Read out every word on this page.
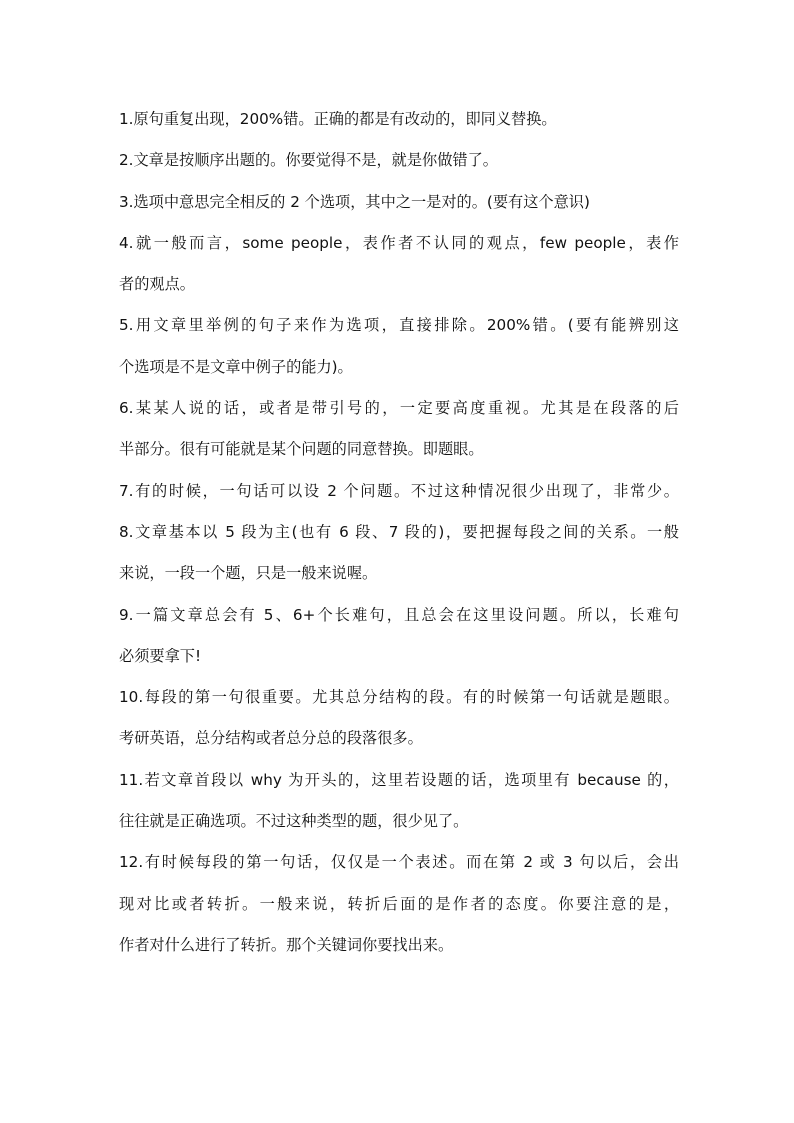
1.原句重复出现，200%错。正确的都是有改动的，即同义替换。
2.文章是按顺序出题的。你要觉得不是，就是你做错了。
3.选项中意思完全相反的 2 个选项，其中之一是对的。(要有这个意识)
4.就一般而言，some people，表作者不认同的观点，few people，表作
者的观点。
5.用文章里举例的句子来作为选项，直接排除。200%错。(要有能辨别这
个选项是不是文章中例子的能力)。
6.某某人说的话，或者是带引号的，一定要高度重视。尤其是在段落的后
半部分。很有可能就是某个问题的同意替换。即题眼。
7.有的时候，一句话可以设 2 个问题。不过这种情况很少出现了，非常少。
8.文章基本以 5 段为主(也有 6 段、7 段的)，要把握每段之间的关系。一般
来说，一段一个题，只是一般来说喔。
9.一篇文章总会有 5、6+个长难句，且总会在这里设问题。所以，长难句
必须要拿下!
10.每段的第一句很重要。尤其总分结构的段。有的时候第一句话就是题眼。
考研英语，总分结构或者总分总的段落很多。
11.若文章首段以 why 为开头的，这里若设题的话，选项里有 because 的，
往往就是正确选项。不过这种类型的题，很少见了。
12.有时候每段的第一句话，仅仅是一个表述。而在第 2 或 3 句以后，会出
现对比或者转折。一般来说，转折后面的是作者的态度。你要注意的是，
作者对什么进行了转折。那个关键词你要找出来。
